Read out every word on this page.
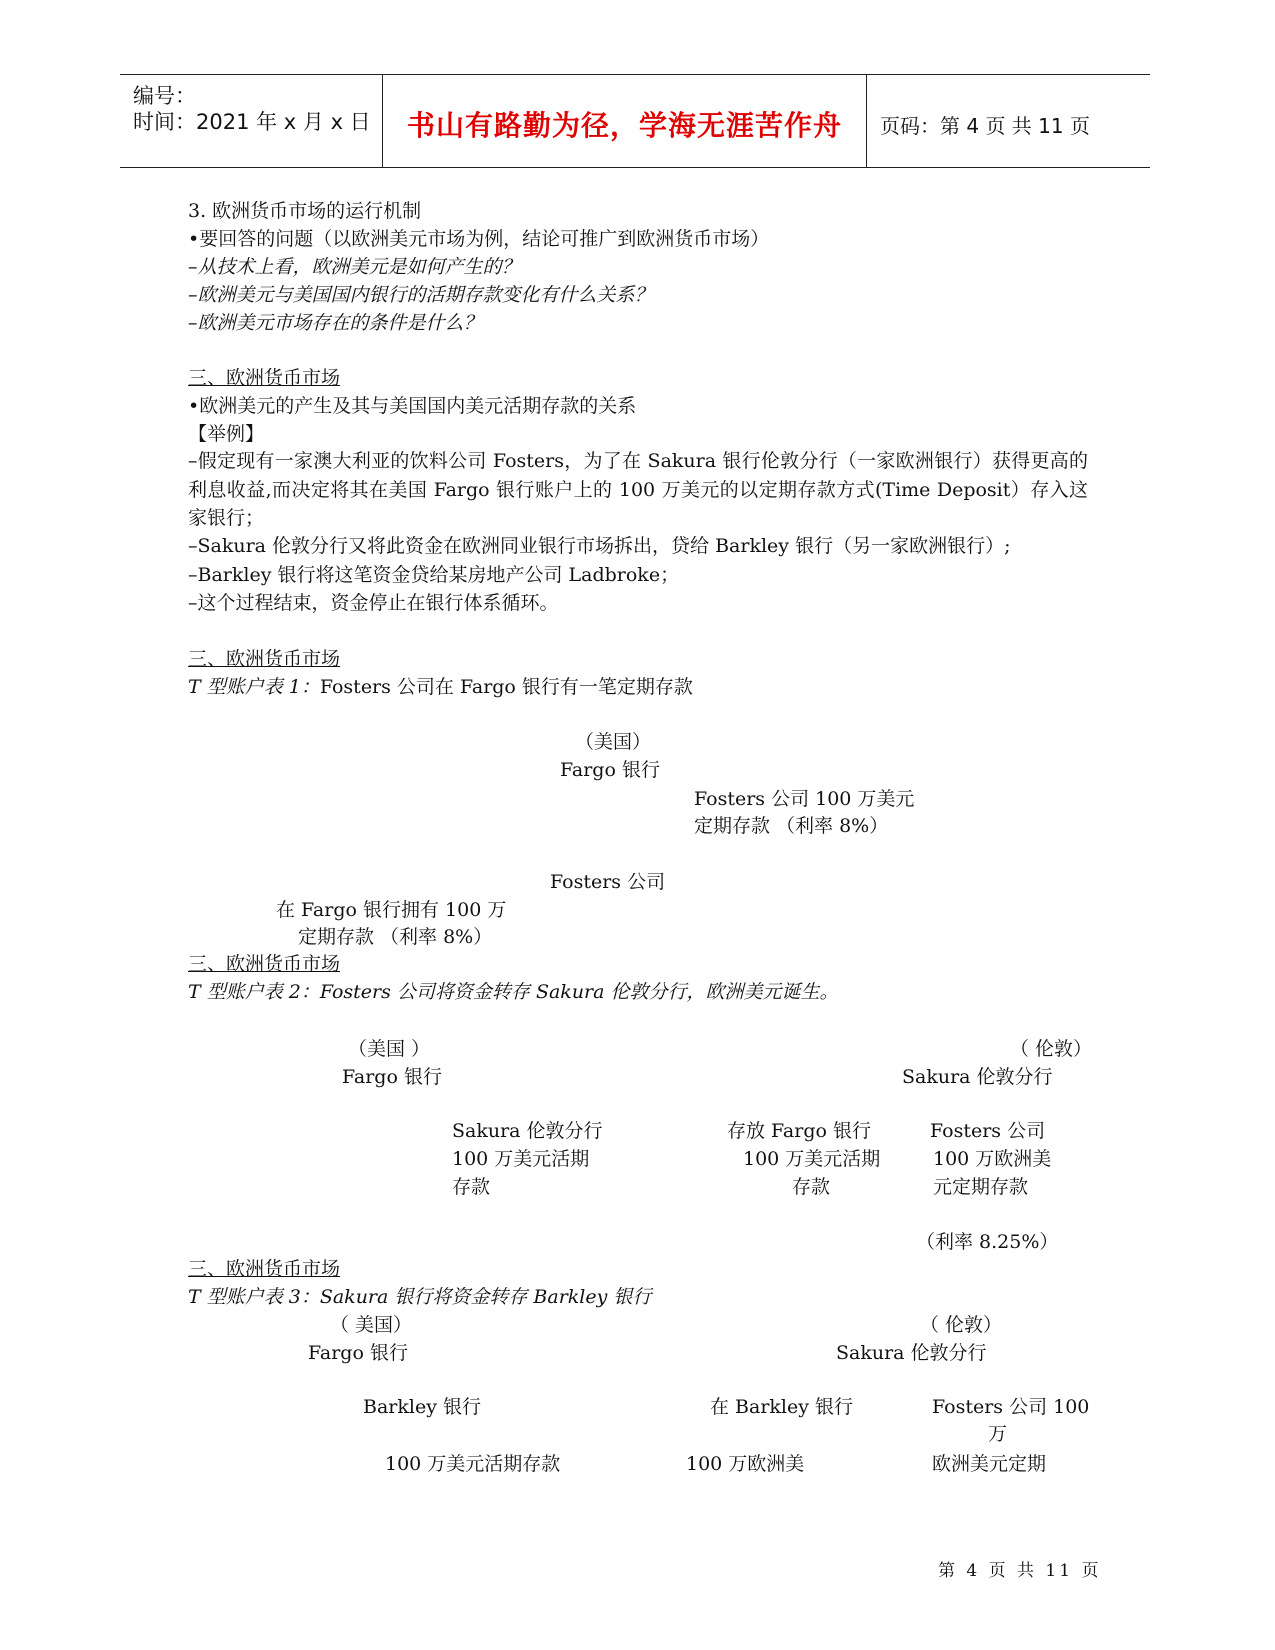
编号：
时间：2021 年 x 月 x 日 书山有路勤为径，学海无涯苦作舟 页码：第 4 页 共 11 页
3. 欧洲货币市场的运行机制
•要回答的问题（以欧洲美元市场为例，结论可推广到欧洲货币市场）
–从技术上看，欧洲美元是如何产生的？
–欧洲美元与美国国内银行的活期存款变化有什么关系？
–欧洲美元市场存在的条件是什么？
三、欧洲货币市场
•欧洲美元的产生及其与美国国内美元活期存款的关系
【举例】
–假定现有一家澳大利亚的饮料公司 Fosters，为了在 Sakura 银行伦敦分行（一家欧洲银行）获得更高的利息收益,而决定将其在美国 Fargo 银行账户上的 100 万美元的以定期存款方式(Time Deposit）存入这家银行；
–Sakura 伦敦分行又将此资金在欧洲同业银行市场拆出，贷给 Barkley 银行（另一家欧洲银行）;
–Barkley 银行将这笔资金贷给某房地产公司 Ladbroke；
–这个过程结束，资金停止在银行体系循环。
三、欧洲货币市场
T 型账户表 1：Fosters 公司在 Fargo 银行有一笔定期存款
（美国）
Fargo 银行
Fosters 公司 100 万美元
定期存款 （利率 8%）
Fosters 公司
在 Fargo 银行拥有 100 万
定期存款 （利率 8%）
三、欧洲货币市场
T 型账户表 2：Fosters 公司将资金转存 Sakura 伦敦分行，欧洲美元诞生。
（美国 ）
Fargo 银行
（ 伦敦）
Sakura 伦敦分行
Sakura 伦敦分行
100 万美元活期
存款
存放 Fargo 银行
100 万美元活期
存款
Fosters 公司
100 万欧洲美
元定期存款
（利率 8.25%）
三、欧洲货币市场
T 型账户表 3：Sakura 银行将资金转存 Barkley 银行
（ 美国）
Fargo 银行
（ 伦敦）
Sakura 伦敦分行
Barkley 银行
100 万美元活期存款
在 Barkley 银行
100 万欧洲美
Fosters 公司 100
万
欧洲美元定期
第 4 页 共 11 页
